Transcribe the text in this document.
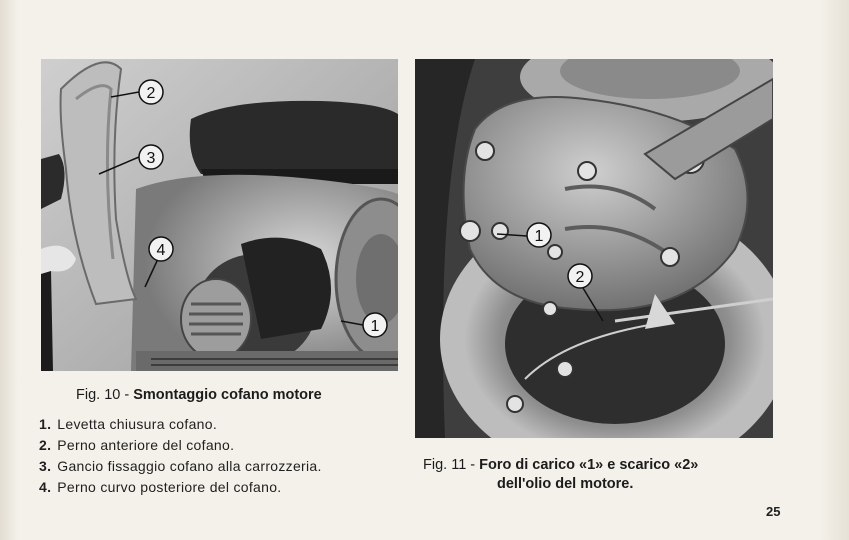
2
3
4
1
1
2
Fig. 10 - Smontaggio cofano motore
Fig. 11 - Foro di carico «1» e scarico «2»
dell'olio del motore.
1. Levetta chiusura cofano.
2. Perno anteriore del cofano.
3. Gancio fissaggio cofano alla carrozzeria.
4. Perno curvo posteriore del cofano.
25
